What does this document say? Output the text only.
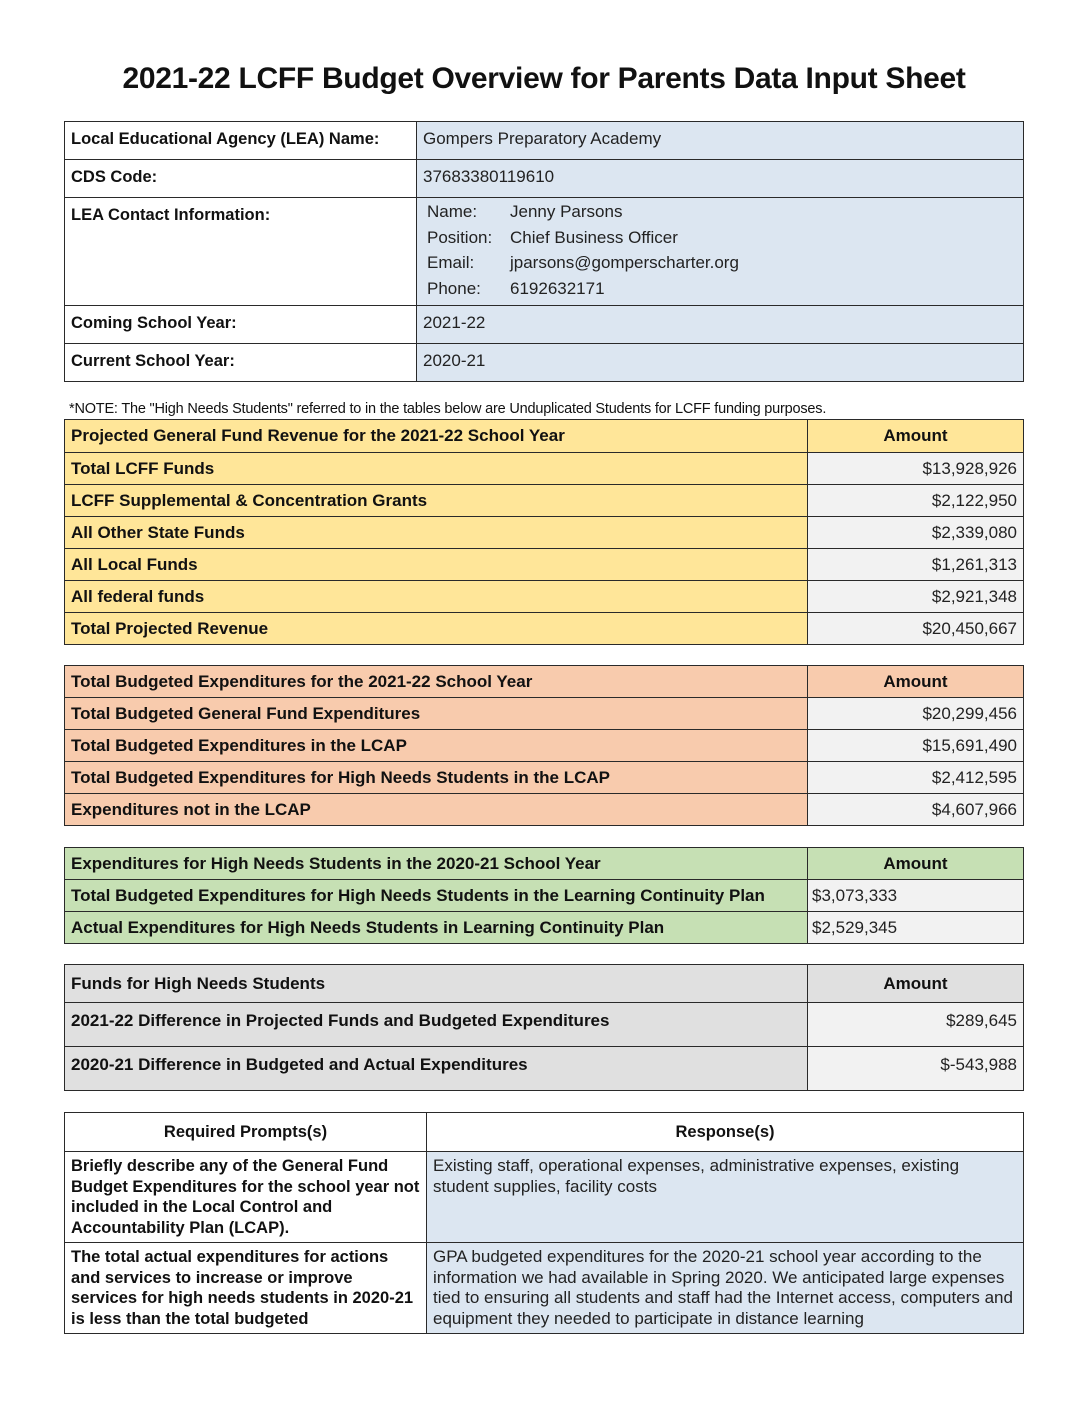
2021-22 LCFF Budget Overview for Parents Data Input Sheet
Local Educational Agency (LEA) Name:	Gompers Preparatory Academy
CDS Code:	37683380119610
LEA Contact Information:	Name:	Jenny Parsons
Position:	Chief Business Officer
Email:	jparsons@gomperscharter.org
Phone:	6192632171

Coming School Year:	2021-22
Current School Year:	2020-21
*NOTE: The "High Needs Students" referred to in the tables below are Unduplicated Students for LCFF funding purposes.
Projected General Fund Revenue for the 2021-22 School Year	Amount
Total LCFF Funds	$13,928,926
LCFF Supplemental & Concentration Grants	$2,122,950
All Other State Funds	$2,339,080
All Local Funds	$1,261,313
All federal funds	$2,921,348
Total Projected Revenue	$20,450,667
Total Budgeted Expenditures for the 2021-22 School Year	Amount
Total Budgeted General Fund Expenditures	$20,299,456
Total Budgeted Expenditures in the LCAP	$15,691,490
Total Budgeted Expenditures for High Needs Students in the LCAP	$2,412,595
Expenditures not in the LCAP	$4,607,966
Expenditures for High Needs Students in the 2020-21 School Year	Amount
Total Budgeted Expenditures for High Needs Students in the Learning Continuity Plan	$3,073,333
Actual Expenditures for High Needs Students in Learning Continuity Plan	$2,529,345
Funds for High Needs Students	Amount
2021-22 Difference in Projected Funds and Budgeted Expenditures	$289,645
2020-21 Difference in Budgeted and Actual Expenditures	$-543,988
Required Prompts(s)	Response(s)
Briefly describe any of the General Fund Budget Expenditures for the school year not included in the Local Control and Accountability Plan (LCAP).	Existing staff, operational expenses, administrative expenses, existing student supplies, facility costs

The total actual expenditures for actions and services to increase or improve services for high needs students in 2020-21 is less than the total budgeted	GPA budgeted expenditures for the 2020-21 school year according to the information we had available in Spring 2020. We anticipated large expenses tied to ensuring all students and staff had the Internet access, computers and equipment they needed to participate in distance learning
